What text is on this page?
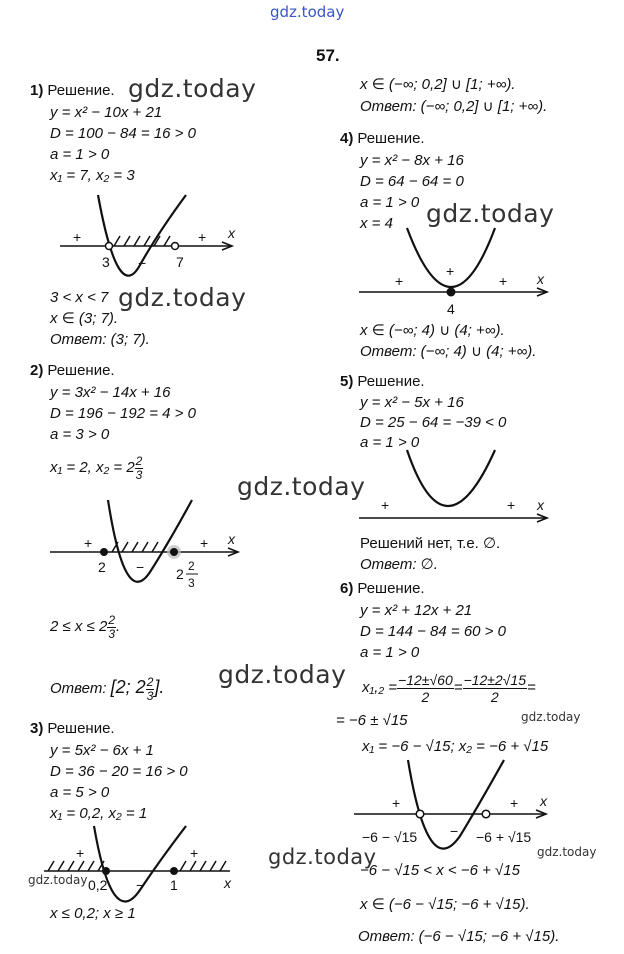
gdz.today
gdz.today
gdz.today
gdz.today
gdz.today
gdz.today
gdz.today
gdz.today
gdz.today
gdz.today
57.
1) Решение.
y = x² − 10x + 21
D = 100 − 84 = 16 > 0
a = 1 > 0
x₁ = 7, x₂ = 3
+
−
+ x
3	7
3 < x < 7
x ∈ (3; 7).
Ответ: (3; 7).
2) Решение.
y = 3x² − 14x + 16
D = 196 − 192 = 4 > 0
a = 3 > 0
x₁ = 2, $x_2 = 2 \frac{2}{3}$
+
−
+ x
2	2 2
3
$2 \le x \le 2 \frac{2}{3}$ .
Ответ: [2; $2 \frac{2}{3}$ ].
3) Решение.
y = 5x² − 6x + 1
D = 36 − 20 = 16 > 0
a = 5 > 0
x₁ = 0,2, x₂ = 1
+
−
+
x
0,2	1
x ≤ 0,2; x ≥ 1
x ∈ (−∞; 0,2] ∪ [1; +∞).
Ответ: (−∞; 0,2] ∪ [1; +∞).
4) Решение.
y = x² − 8x + 16
D = 64 − 64 = 0
a = 1 > 0
x = 4
+
+
+ x
4
x ∈ (−∞; 4) ∪ (4; +∞).
Ответ: (−∞; 4) ∪ (4; +∞).
5) Решение.
y = x² − 5x + 16
D = 25 − 64 = −39 < 0
a = 1 > 0
+	+ x
Решений нет, т.е. ∅.
Ответ: ∅.
6) Решение.
y = x² + 12x + 21
D = 144 − 84 = 60 > 0
a = 1 > 0
$x_1,_2 = \frac{-12\pm√60}{2} = \frac{-12\pm 2√15}{2}$ =
= −6 ± √15
x₁ = −6 − √15; x₂ = −6 + √15
+
−
+ x
−6 − √15	−6 + √15
−6 − √15 < x < −6 + √15
x ∈ (−6 − √15; −6 + √15).
Ответ: (−6 − √15; −6 + √15).
